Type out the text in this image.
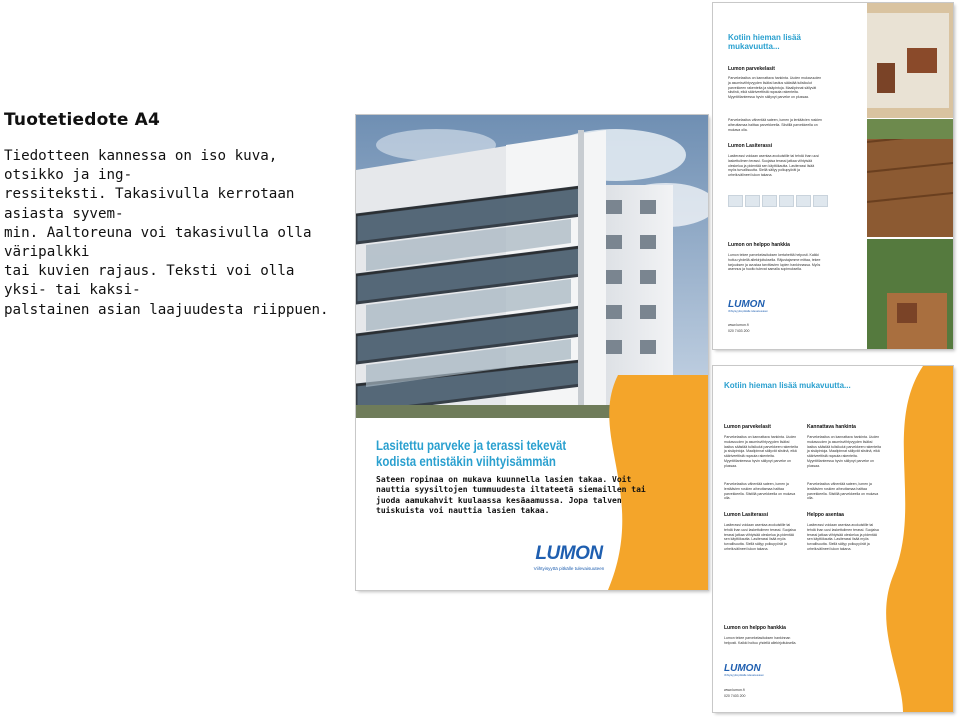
Tuotetiedote A4
Tiedotteen kannessa on iso kuva, otsikko ja ing-
ressiteksti. Takasivulla kerrotaan asiasta syvem-
min. Aaltoreuna voi takasivulla olla väripalkki
tai kuvien rajaus. Teksti voi olla yksi- tai kaksi-
palstainen asian laajuudesta riippuen.
Lasitettu parveke ja terassi tekevät kodista entistäkin viihtyisämmän
Sateen ropinaa on mukava kuunnella lasien takaa. Voit nauttia syysiltojen tummuudesta iltateetä siemaillen tai juoda aamukahvit kuulaassa kesäaamussa. Jopa talven tuiskuista voi nauttia lasien takaa.
LUMON
Viihtyisyyttä pitkälle tulevaisuuteen
Kotiin hieman lisää mukavuutta...
Lumon parvekelasit
Parvekelasitus on kannattava hankinta. Uuden mukavuuden ja asumisviihtyvyyden lisäksi lasitus säästää tulisikulut parvekkeen rakenteita ja sisäpintoja. Maalipinnat säilyvät siistinä, eikä sääriveettistä rapauta rakenteita. Myyntitilanteessa hyvin säilynyt parveke on plussaa.
Parvekelasitus vähentää sateen, lumen ja lentäävien roskien aiheuttamaa haittaa parvekkeella. Siistillä parvekkeella on mukava olla.
Lumon Lasiterassi
Lasiterassi voidaan asentaa avokuistille tai tehdä ihan uusi laskettuilmen terassi. Suojaisa terassi jatkaa viihtyisää oleskelua ja pidentää sen käyttökautta. Lasiterassi lisää myös turvallisuutta. Siellä säilyy polkupyörät ja urheiluvälineet lukon takana.
Lumon on helppo hankkia
Lumon tekee parvekelasituksen kertaheittä helposti. Kaikki hoituu yhdellä allekirjoituksella. Räjustajamme mittaa, tekee tarjouksen ja avustaa tarvittavien lupien hankinnassa. Myös asennus ja huolto tulevat samalla sopimuksella.
LUMON
Viihtyisyyttä pitkälle tulevaisuuteen
www.lumon.fi
020 7403 200
Kotiin hieman lisää mukavuutta...
Lumon parvekelasit
Parvekelasitus on kannattava hankinta. Uuden mukavuuden ja asumisviihtyvyyden lisäksi lasitus säästää tulisikulut parvekkeen rakenteita ja sisäpintoja. Maalipinnat säilyvät siistinä, eikä sääriveettistä rapauta rakenteita. Myyntitilanteessa hyvin säilynyt parveke on plussaa.
Parvekelasitus vähentää sateen, lumen ja lentäävien roskien aiheuttamaa haittaa parvekkeella. Siistillä parvekkeella on mukava olla.
Lumon Lasiterassi
Lasiterassi voidaan asentaa avokuistille tai tehdä ihan uusi laskettuilmen terassi. Suojaisa terassi jatkaa viihtyisää oleskelua ja pidentää sen käyttökautta. Lasiterassi lisää myös turvallisuutta. Siellä säilyy polkupyörät ja urheiluvälineet lukon takana.
Kannattava hankinta
Parvekelasitus on kannattava hankinta. Uuden mukavuuden ja asumisviihtyvyyden lisäksi lasitus säästää tulisikulut parvekkeen rakenteita ja sisäpintoja. Maalipinnat säilyvät siistinä, eikä sääriveettistä rapauta rakenteita. Myyntitilanteessa hyvin säilynyt parveke on plussaa.
Parvekelasitus vähentää sateen, lumen ja lentäävien roskien aiheuttamaa haittaa parvekkeella. Siistillä parvekkeella on mukava olla.
Helppo asentaa
Lasiterassi voidaan asentaa avokuistille tai tehdä ihan uusi laskettuilmen terassi. Suojaisa terassi jatkaa viihtyisää oleskelua ja pidentää sen käyttökautta. Lasiterassi lisää myös turvallisuutta. Siellä säilyy polkupyörät ja urheiluvälineet lukon takana.
Lumon on helppo hankkia
Lumon tekee parvekelasituksen hankinnan helposti. Kaikki hoituu yhdellä allekirjoituksella.
LUMON
Viihtyisyyttä pitkälle tulevaisuuteen
www.lumon.fi
020 7403 200
